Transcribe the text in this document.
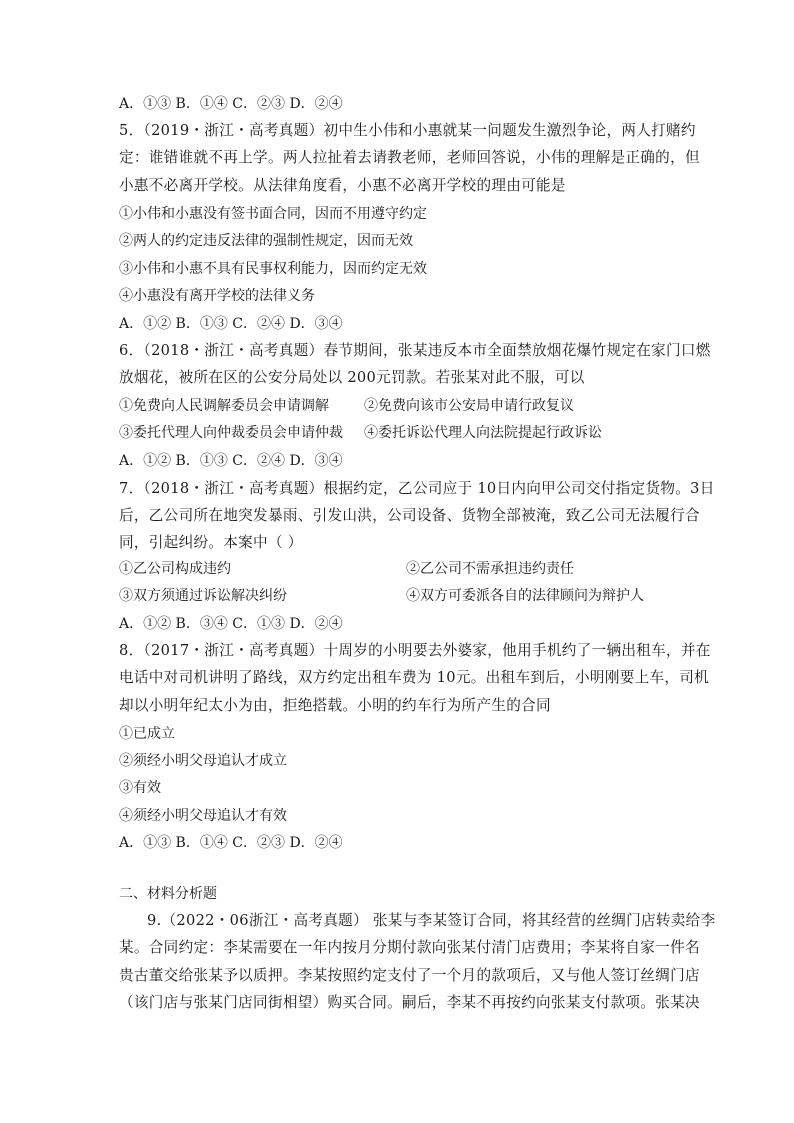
A．①③ B．①④ C．②③ D．②④
5．（2019・浙江・高考真题）初中生小伟和小惠就某一问题发生激烈争论，两人打赌约
定：谁错谁就不再上学。两人拉扯着去请教老师，老师回答说，小伟的理解是正确的，但
小惠不必离开学校。从法律角度看，小惠不必离开学校的理由可能是
①小伟和小惠没有签书面合同，因而不用遵守约定
②两人的约定违反法律的强制性规定，因而无效
③小伟和小惠不具有民事权利能力，因而约定无效
④小惠没有离开学校的法律义务
A．①② B．①③ C．②④ D．③④
6．（2018・浙江・高考真题）春节期间，张某违反本市全面禁放烟花爆竹规定在家门口燃
放烟花，被所在区的公安分局处以 200元罚款。若张某对此不服，可以
①免费向人民调解委员会申请调解	②免费向该市公安局申请行政复议
③委托代理人向仲裁委员会申请仲裁 ④委托诉讼代理人向法院提起行政诉讼
A．①② B．①③ C．②④ D．③④
7．（2018・浙江・高考真题）根据约定，乙公司应于 10日内向甲公司交付指定货物。3日
后，乙公司所在地突发暴雨、引发山洪，公司设备、货物全部被淹，致乙公司无法履行合
同，引起纠纷。本案中（ ）
①乙公司构成违约	②乙公司不需承担违约责任
③双方须通过诉讼解决纠纷	④双方可委派各自的法律顾问为辩护人
A．①② B．③④ C．①③ D．②④
8．（2017・浙江・高考真题）十周岁的小明要去外婆家，他用手机约了一辆出租车，并在
电话中对司机讲明了路线，双方约定出租车费为 10元。出租车到后，小明刚要上车，司机
却以小明年纪太小为由，拒绝搭载。小明的约车行为所产生的合同
①已成立
②须经小明父母追认才成立
③有效
④须经小明父母追认才有效
A．①③ B．①④ C．②③ D．②④
二、材料分析题
9.（2022・06浙江・高考真题） 张某与李某签订合同，将其经营的丝绸门店转卖给李
某。合同约定：李某需要在一年内按月分期付款向张某付清门店费用；李某将自家一件名
贵古董交给张某予以质押。李某按照约定支付了一个月的款项后，又与他人签订丝绸门店
（该门店与张某门店同街相望）购买合同。嗣后，李某不再按约向张某支付款项。张某决
